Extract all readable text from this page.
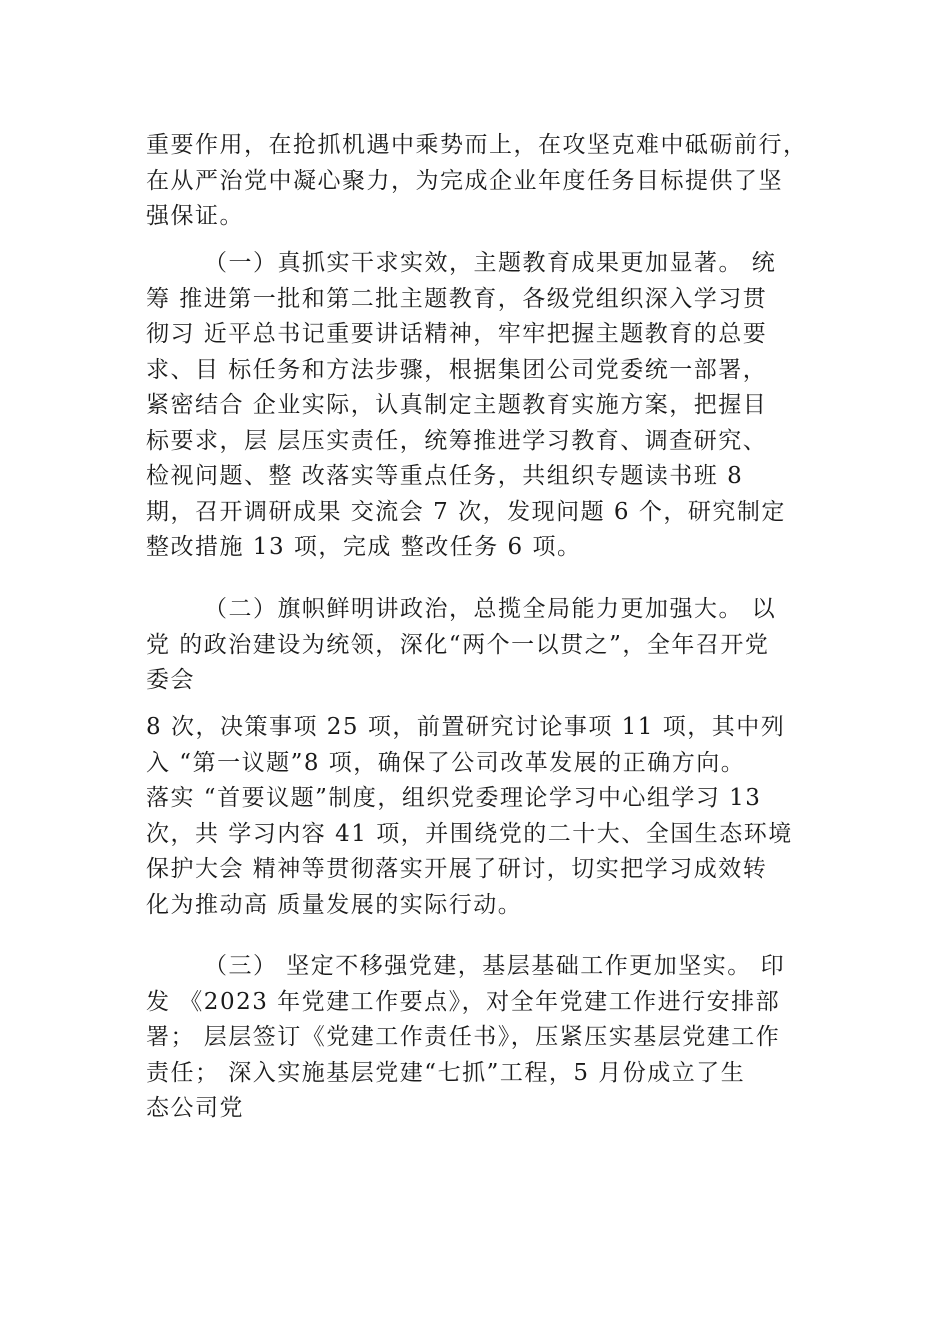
重要作用，在抢抓机遇中乘势而上，在攻坚克难中砥砺前行，
在从严治党中凝心聚力，为完成企业年度任务目标提供了坚
强保证。
（一）真抓实干求实效，主题教育成果更加显著。 统
筹 推进第一批和第二批主题教育，各级党组织深入学习贯
彻习 近平总书记重要讲话精神，牢牢把握主题教育的总要
求、目 标任务和方法步骤，根据集团公司党委统一部署，
紧密结合 企业实际，认真制定主题教育实施方案，把握目
标要求，层 层压实责任，统筹推进学习教育、调查研究、
检视问题、整 改落实等重点任务，共组织专题读书班 8
期，召开调研成果 交流会 7 次，发现问题 6 个，研究制定
整改措施 13 项，完成 整改任务 6 项。
（二）旗帜鲜明讲政治，总揽全局能力更加强大。 以
党 的政治建设为统领，深化“两个一以贯之”，全年召开党
委会
8 次，决策事项 25 项，前置研究讨论事项 11 项，其中列
入 “第一议题”8 项，确保了公司改革发展的正确方向。
落实 “首要议题”制度，组织党委理论学习中心组学习 13
次，共 学习内容 41 项，并围绕党的二十大、全国生态环境
保护大会 精神等贯彻落实开展了研讨，切实把学习成效转
化为推动高 质量发展的实际行动。
（三） 坚定不移强党建，基层基础工作更加坚实。 印
发 《2023 年党建工作要点》，对全年党建工作进行安排部
署； 层层签订《党建工作责任书》，压紧压实基层党建工作
责任； 深入实施基层党建“七抓”工程，5 月份成立了生
态公司党
